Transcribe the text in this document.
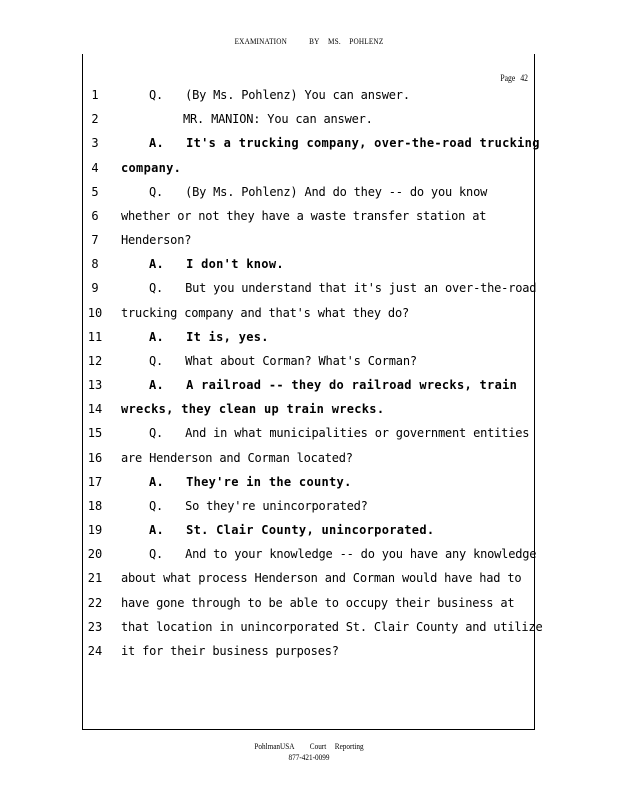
EXAMINATION	BY MS. POHLENZ
Page 42
1	Q. (By Ms. Pohlenz) You can answer.
2	MR. MANION: You can answer.
3	A. It's a trucking company, over-the-road trucking
4	company.
5	Q. (By Ms. Pohlenz) And do they -- do you know
6	whether or not they have a waste transfer station at
7	Henderson?
8	A. I don't know.
9	Q. But you understand that it's just an over-the-road
10	trucking company and that's what they do?
11	A. It is, yes.
12	Q. What about Corman? What's Corman?
13	A. A railroad -- they do railroad wrecks, train
14	wrecks, they clean up train wrecks.
15	Q. And in what municipalities or government entities
16	are Henderson and Corman located?
17	A. They're in the county.
18	Q. So they're unincorporated?
19	A. St. Clair County, unincorporated.
20	Q. And to your knowledge -- do you have any knowledge
21	about what process Henderson and Corman would have had to
22	have gone through to be able to occupy their business at
23	that location in unincorporated St. Clair County and utilize
24	it for their business purposes?
PohlmanUSA Court Reporting
877-421-0099
